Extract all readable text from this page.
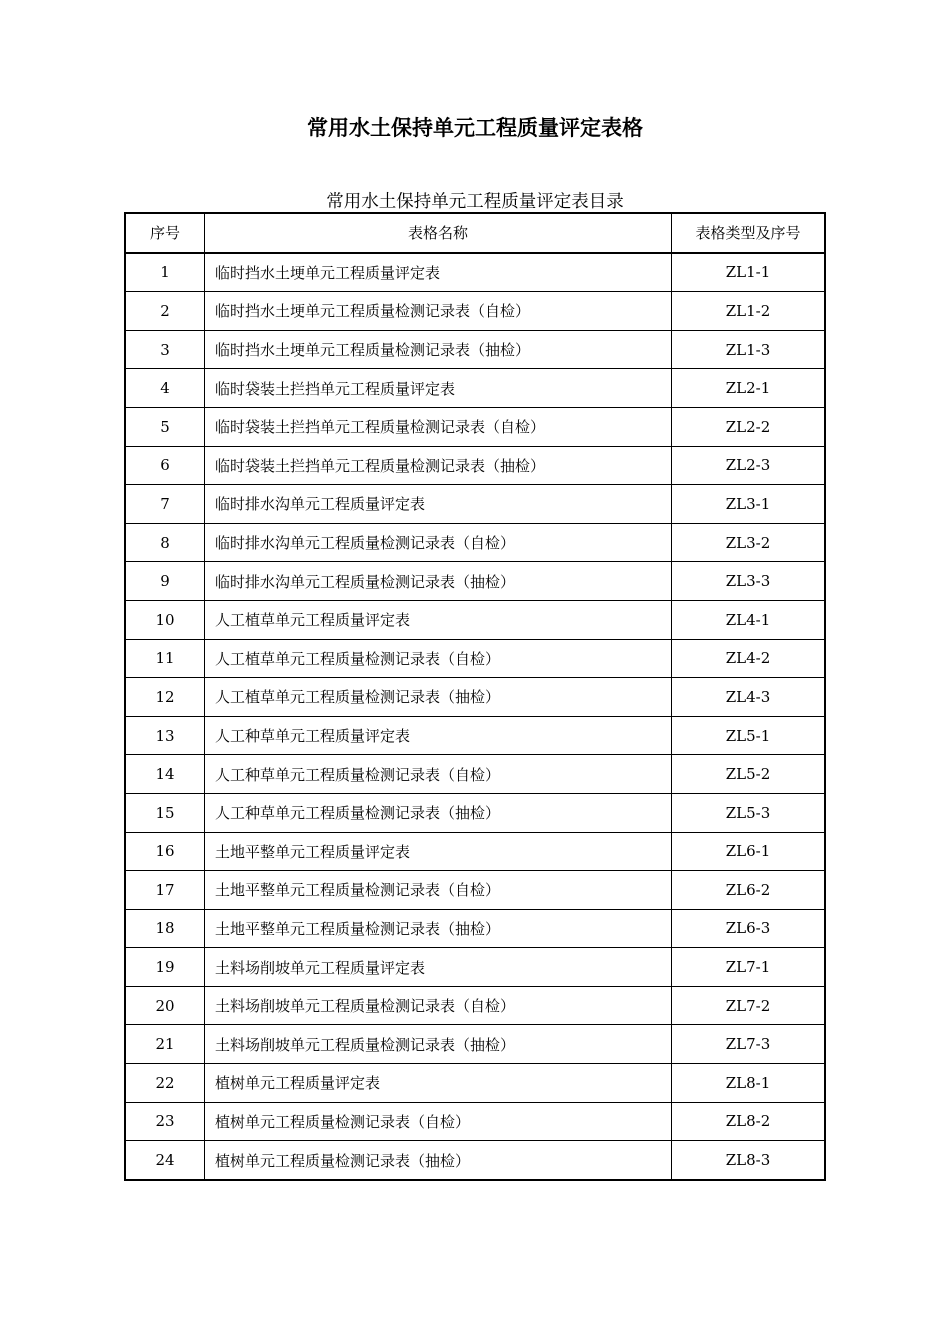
常用水土保持单元工程质量评定表格
常用水土保持单元工程质量评定表目录
序号	表格名称	表格类型及序号
1	临时挡水土埂单元工程质量评定表	ZL1-1
2	临时挡水土埂单元工程质量检测记录表（自检）	ZL1-2
3	临时挡水土埂单元工程质量检测记录表（抽检）	ZL1-3
4	临时袋装土拦挡单元工程质量评定表	ZL2-1
5	临时袋装土拦挡单元工程质量检测记录表（自检）	ZL2-2
6	临时袋装土拦挡单元工程质量检测记录表（抽检）	ZL2-3
7	临时排水沟单元工程质量评定表	ZL3-1
8	临时排水沟单元工程质量检测记录表（自检）	ZL3-2
9	临时排水沟单元工程质量检测记录表（抽检）	ZL3-3
10	人工植草单元工程质量评定表	ZL4-1
11	人工植草单元工程质量检测记录表（自检）	ZL4-2
12	人工植草单元工程质量检测记录表（抽检）	ZL4-3
13	人工种草单元工程质量评定表	ZL5-1
14	人工种草单元工程质量检测记录表（自检）	ZL5-2
15	人工种草单元工程质量检测记录表（抽检）	ZL5-3
16	土地平整单元工程质量评定表	ZL6-1
17	土地平整单元工程质量检测记录表（自检）	ZL6-2
18	土地平整单元工程质量检测记录表（抽检）	ZL6-3
19	土料场削坡单元工程质量评定表	ZL7-1
20	土料场削坡单元工程质量检测记录表（自检）	ZL7-2
21	土料场削坡单元工程质量检测记录表（抽检）	ZL7-3
22	植树单元工程质量评定表	ZL8-1
23	植树单元工程质量检测记录表（自检）	ZL8-2
24	植树单元工程质量检测记录表（抽检）	ZL8-3
